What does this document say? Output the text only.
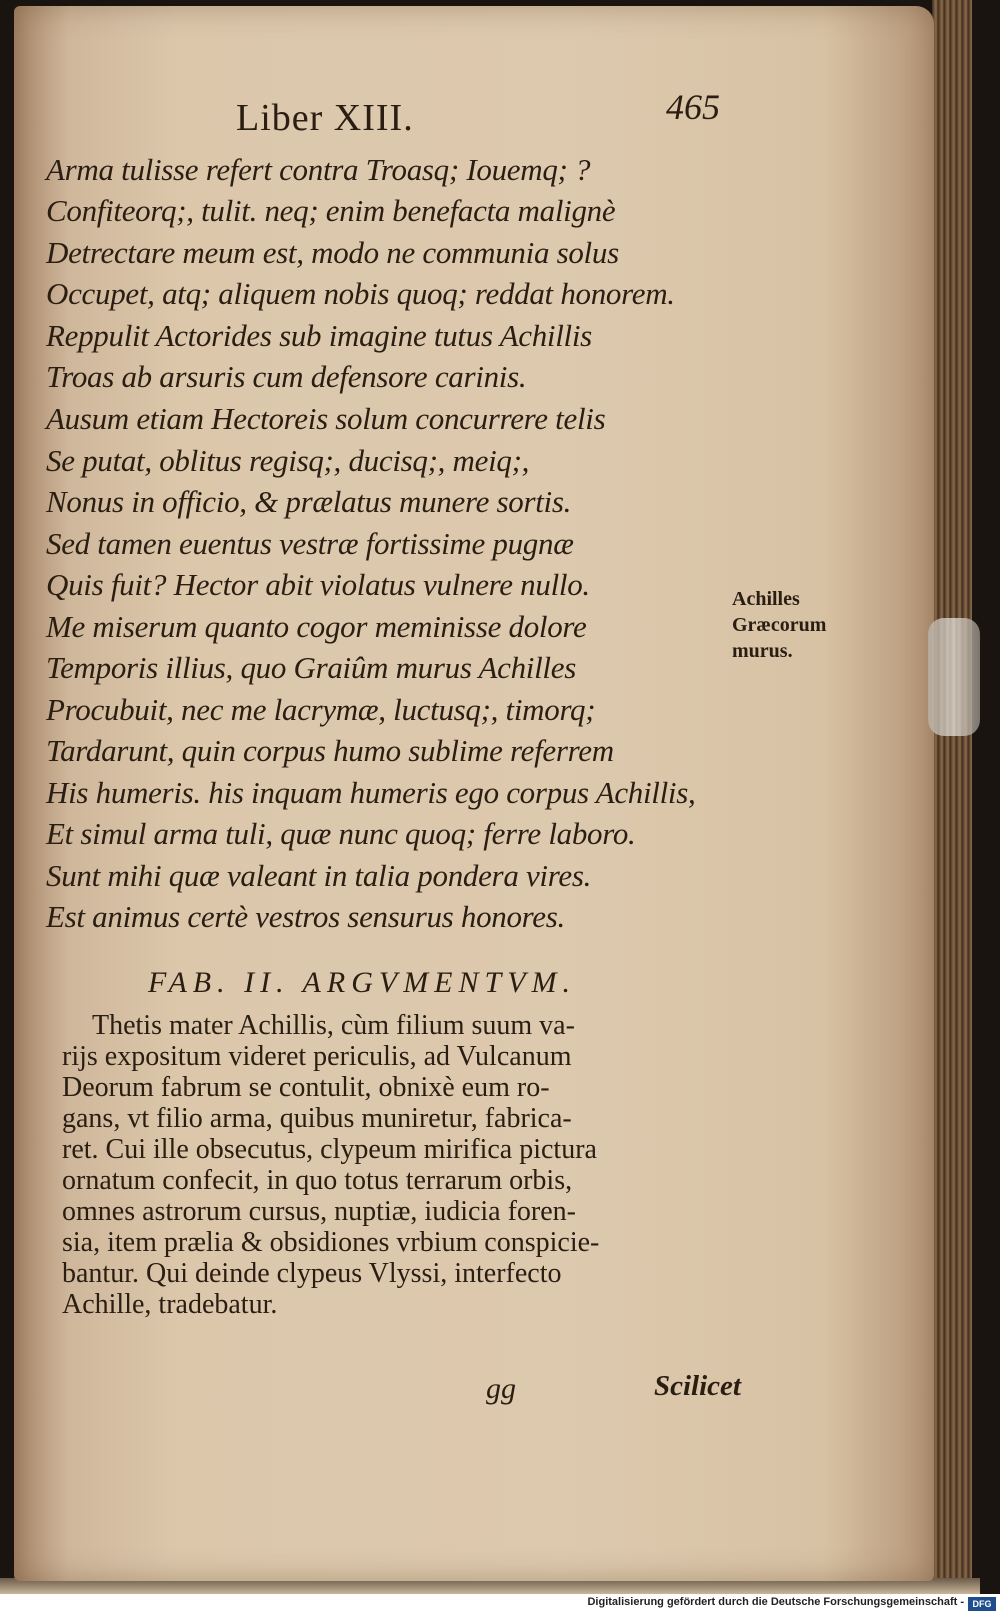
Liber XIII.	465
Arma tulisse refert contra Troasq; Iouemq; ?
Confiteorq;, tulit. neq; enim benefacta malignè
Detrectare meum est, modo ne communia solus
Occupet, atq; aliquem nobis quoq; reddat honorem.
Reppulit Actorides sub imagine tutus Achillis
Troas ab arsuris cum defensore carinis.
Ausum etiam Hectoreis solum concurrere telis
Se putat, oblitus regisq;, ducisq;, meiq;,
Nonus in officio, & prælatus munere sortis.
Sed tamen euentus vestræ fortissime pugnæ
Quis fuit? Hector abit violatus vulnere nullo.
Me miserum quanto cogor meminisse dolore
Temporis illius, quo Graiûm murus Achilles
Procubuit, nec me lacrymæ, luctusq;, timorq;
Tardarunt, quin corpus humo sublime referrem
His humeris. his inquam humeris ego corpus Achillis,
Et simul arma tuli, quæ nunc quoq; ferre laboro.
Sunt mihi quæ valeant in talia pondera vires.
Est animus certè vestros sensurus honores.
Achilles
Græcorum
murus.
FAB. II. ARGVMENTVM.
Thetis mater Achillis, cùm filium suum va-
rijs expositum videret periculis, ad Vulcanum
Deorum fabrum se contulit, obnixè eum ro-
gans, vt filio arma, quibus muniretur, fabrica-
ret. Cui ille obsecutus, clypeum mirifica pictura
ornatum confecit, in quo totus terrarum orbis,
omnes astrorum cursus, nuptiæ, iudicia foren-
sia, item prælia & obsidiones vrbium conspicie-
bantur. Qui deinde clypeus Vlyssi, interfecto
Achille, tradebatur.
gg	Scilicet
Digitalisierung gefördert durch die Deutsche Forschungsgemeinschaft - DFG
